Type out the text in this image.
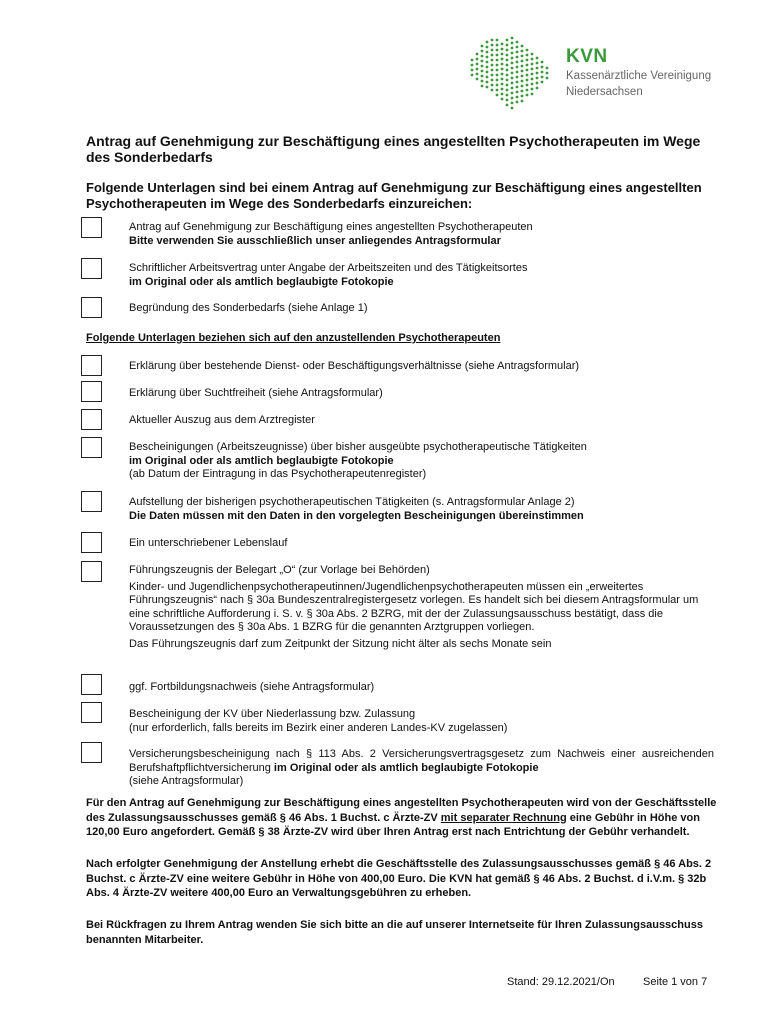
KVN
Kassenärztliche Vereinigung
Niedersachsen
Antrag auf Genehmigung zur Beschäftigung eines angestellten Psychotherapeuten im Wege des Sonderbedarfs
Folgende Unterlagen sind bei einem Antrag auf Genehmigung zur Beschäftigung eines angestellten Psychotherapeuten im Wege des Sonderbedarfs einzureichen:

Antrag auf Genehmigung zur Beschäftigung eines angestellten Psychotherapeuten

Bitte verwenden Sie ausschließlich unser anliegendes Antragsformular

Schriftlicher Arbeitsvertrag unter Angabe der Arbeitszeiten und des Tätigkeitsortes

im Original oder als amtlich beglaubigte Fotokopie

Begründung des Sonderbedarfs (siehe Anlage 1)

Folgende Unterlagen beziehen sich auf den anzustellenden Psychotherapeuten

Erklärung über bestehende Dienst- oder Beschäftigungsverhältnisse (siehe Antragsformular)

Erklärung über Suchtfreiheit (siehe Antragsformular)

Aktueller Auszug aus dem Arztregister

Bescheinigungen (Arbeitszeugnisse) über bisher ausgeübte psychotherapeutische Tätigkeiten

im Original oder als amtlich beglaubigte Fotokopie

(ab Datum der Eintragung in das Psychotherapeutenregister)

Aufstellung der bisherigen psychotherapeutischen Tätigkeiten (s. Antragsformular Anlage 2)

Die Daten müssen mit den Daten in den vorgelegten Bescheinigungen übereinstimmen

Ein unterschriebener Lebenslauf

Führungszeugnis der Belegart „O“ (zur Vorlage bei Behörden)

Kinder- und Jugendlichenpsychotherapeutinnen/Jugendlichenpsychotherapeuten müssen ein „erweitertes Führungszeugnis“ nach § 30a Bundeszentralregistergesetz vorlegen. Es handelt sich bei diesem Antragsformular um eine schriftliche Aufforderung i. S. v. § 30a Abs. 2 BZRG, mit der der Zulassungsausschuss bestätigt, dass die Voraussetzungen des § 30a Abs. 1 BZRG für die genannten Arztgruppen vorliegen.

Das Führungszeugnis darf zum Zeitpunkt der Sitzung nicht älter als sechs Monate sein

ggf. Fortbildungsnachweis (siehe Antragsformular)

Bescheinigung der KV über Niederlassung bzw. Zulassung

(nur erforderlich, falls bereits im Bezirk einer anderen Landes-KV zugelassen)

Versicherungsbescheinigung nach § 113 Abs. 2 Versicherungsvertragsgesetz zum Nachweis einer ausreichenden Berufshaftpflichtversicherung im Original oder als amtlich beglaubigte Fotokopie

(siehe Antragsformular)

Für den Antrag auf Genehmigung zur Beschäftigung eines angestellten Psychotherapeuten wird von der Geschäftsstelle des Zulassungsausschusses gemäß § 46 Abs. 1 Buchst. c Ärzte-ZV mit separater Rechnung eine Gebühr in Höhe von 120,00 Euro angefordert. Gemäß § 38 Ärzte-ZV wird über Ihren Antrag erst nach Entrichtung der Gebühr verhandelt.
Nach erfolgter Genehmigung der Anstellung erhebt die Geschäftsstelle des Zulassungsausschusses gemäß § 46 Abs. 2 Buchst. c Ärzte-ZV eine weitere Gebühr in Höhe von 400,00 Euro. Die KVN hat gemäß § 46 Abs. 2 Buchst. d i.V.m. § 32b Abs. 4 Ärzte-ZV weitere 400,00 Euro an Verwaltungsgebühren zu erheben.
Bei Rückfragen zu Ihrem Antrag wenden Sie sich bitte an die auf unserer Internetseite für Ihren Zulassungsausschuss benannten Mitarbeiter.
Stand: 29.12.2021/On	Seite 1 von 7
